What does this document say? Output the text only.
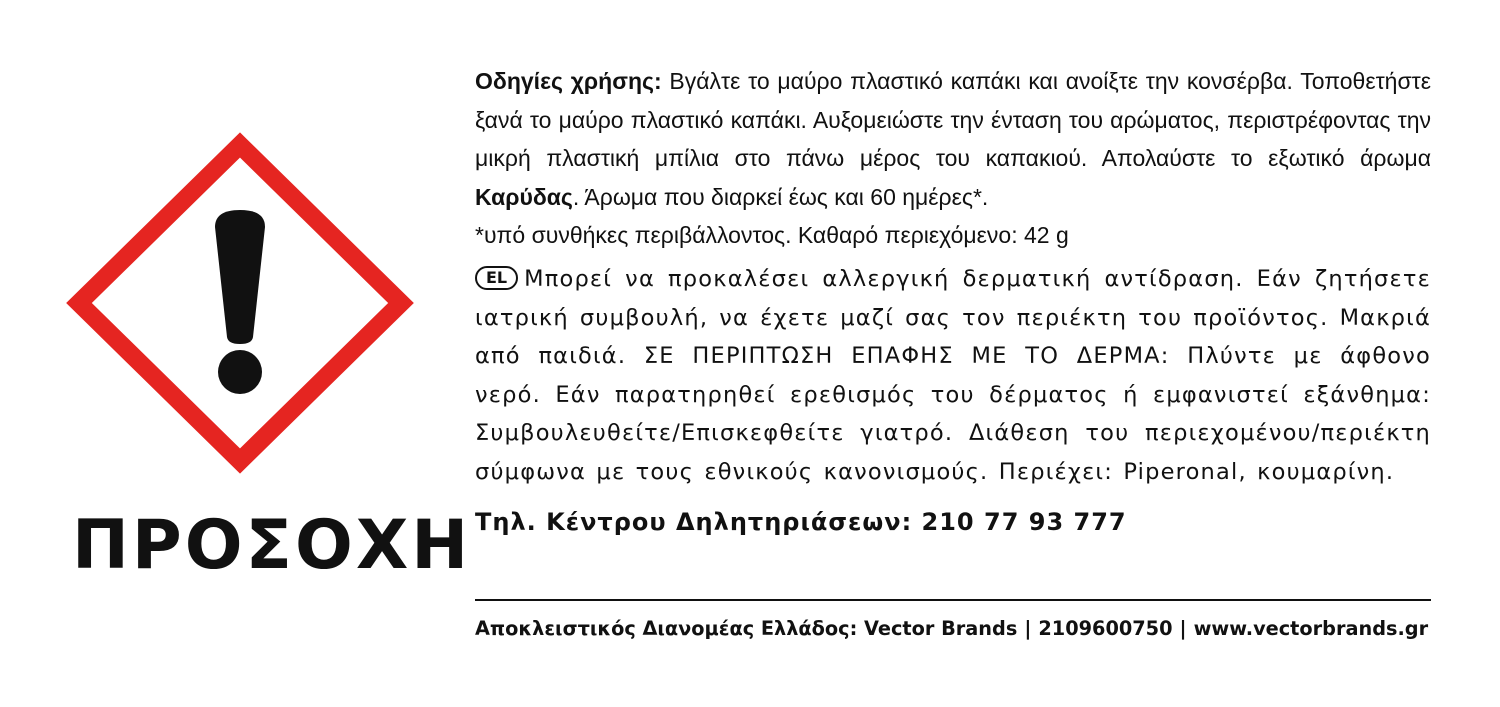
ΠΡΟΣΟΧΗ
Οδηγίες χρήσης: Βγάλτε το μαύρο πλαστικό καπάκι και ανοίξτε την κονσέρβα. Τοποθετήστε ξανά το μαύρο πλαστικό καπάκι. Αυξομειώστε την ένταση του αρώματος, περιστρέφοντας την μικρή πλαστική μπίλια στο πάνω μέρος του καπακιού. Απολαύστε το εξωτικό άρωμα Καρύδας. Άρωμα που διαρκεί έως και 60 ημέρες*.
*υπό συνθήκες περιβάλλοντος. Καθαρό περιεχόμενο: 42 g
EL Μπορεί να προκαλέσει αλλεργική δερματική αντίδραση. Εάν ζητήσετε ιατρική συμβουλή, να έχετε μαζί σας τον περιέκτη του προϊόντος. Μακριά από παιδιά. ΣΕ ΠΕΡΙΠΤΩΣΗ ΕΠΑΦΗΣ ΜΕ ΤΟ ΔΕΡΜΑ: Πλύντε με άφθονο νερό. Εάν παρατηρηθεί ερεθισμός του δέρματος ή εμφανιστεί εξάνθημα: Συμβουλευθείτε/Επισκεφθείτε γιατρό. Διάθεση του περιεχομένου/περιέκτη σύμφωνα με τους εθνικούς κανονισμούς. Περιέχει: Piperonal, κουμαρίνη.
Τηλ. Κέντρου Δηλητηριάσεων: 210 77 93 777
Αποκλειστικός Διανομέας Ελλάδος: Vector Brands | 2109600750 | www.vectorbrands.gr
